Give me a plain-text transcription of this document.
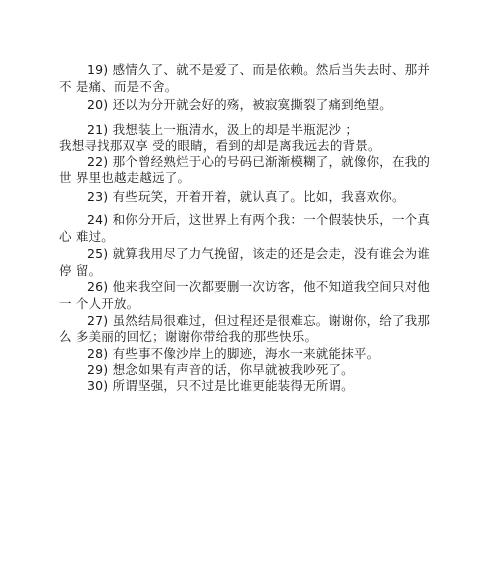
19) 感情久了、就不是爱了、而是依赖。然后当失去时、那并
不 是痛、而是不舍。
20) 还以为分开就会好的殇，被寂寞撕裂了痛到绝望。
21) 我想装上一瓶清水，汲上的却是半瓶泥沙 ；
我想寻找那双享 受的眼睛，看到的却是离我远去的背景。
22) 那个曾经熟烂于心的号码已渐渐模糊了，就像你，在我的
世 界里也越走越远了。
23) 有些玩笑，开着开着，就认真了。比如，我喜欢你。
24) 和你分开后，这世界上有两个我：一个假装快乐，一个真
心 难过。
25) 就算我用尽了力气挽留，该走的还是会走，没有谁会为谁
停 留。
26) 他来我空间一次都要删一次访客，他不知道我空间只对他
一 个人开放。
27) 虽然结局很难过，但过程还是很难忘。谢谢你，给了我那
么 多美丽的回忆；谢谢你带给我的那些快乐。
28) 有些事不像沙岸上的脚迹，海水一来就能抹平。
29) 想念如果有声音的话，你早就被我吵死了。
30) 所谓坚强，只不过是比谁更能装得无所谓。
